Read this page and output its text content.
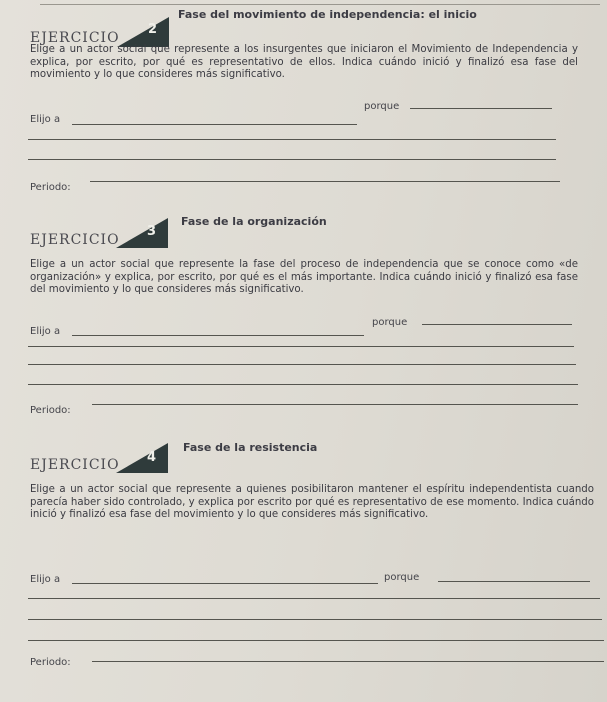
EJERCICIO
2
Fase del movimiento de independencia: el inicio
Elige a un actor social que represente a los insurgentes que iniciaron el Movimiento de Independencia y explica, por escrito, por qué es representativo de ellos. Indica cuándo inició y finalizó esa fase del movimiento y lo que consideres más significativo.
Elijo a
porque
Periodo:
EJERCICIO
3
Fase de la organización
Elige a un actor social que represente la fase del proceso de independencia que se conoce como «de organización» y explica, por escrito, por qué es el más importante. Indica cuándo inició y finalizó esa fase del movimiento y lo que consideres más significativo.
Elijo a
porque
Periodo:
EJERCICIO 4
Fase de la resistencia
Elige a un actor social que represente a quienes posibilitaron mantener el espíritu independentista cuando parecía haber sido controlado, y explica por escrito por qué es representativo de ese momento. Indica cuándo inició y finalizó esa fase del movimiento y lo que consideres más significativo.
Elijo a	porque
Periodo:
